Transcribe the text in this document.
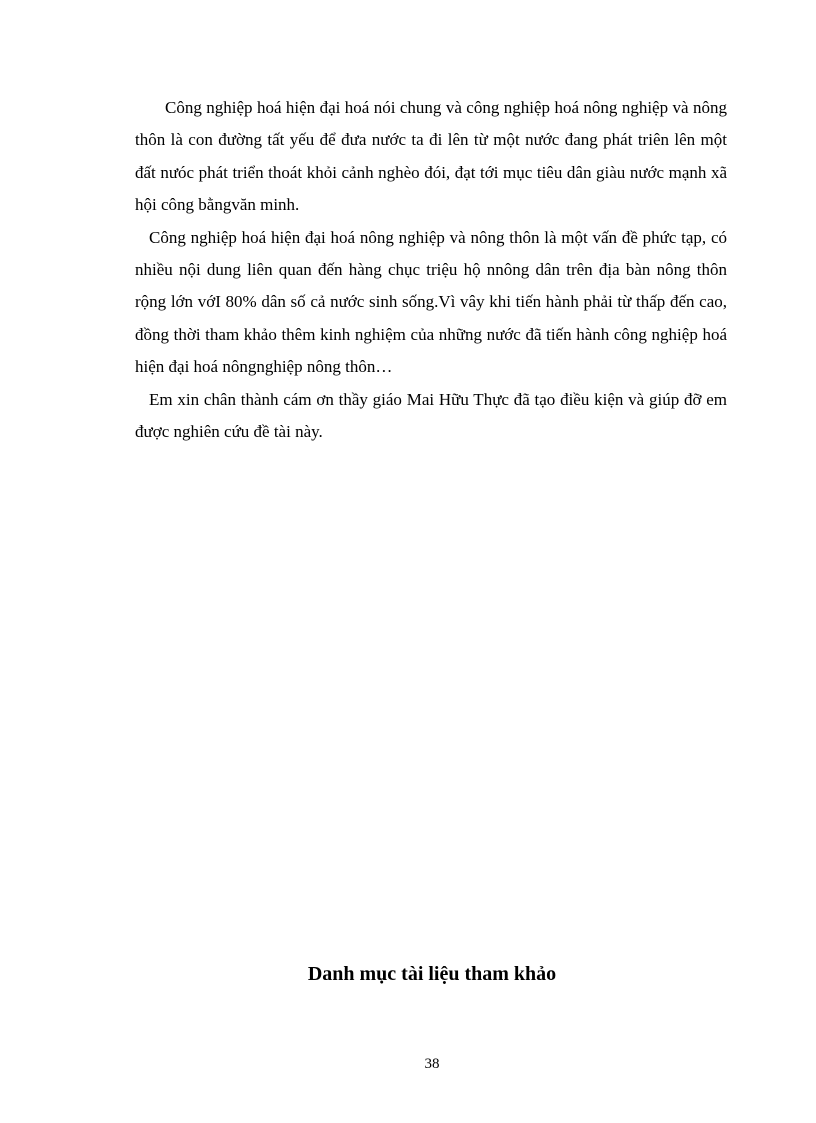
Công nghiệp hoá hiện đại hoá nói chung và công nghiệp hoá nông nghiệp và nông thôn là con đường tất yếu để đưa nước ta đi lên từ một nước đang phát triên lên một đất nưóc phát triển thoát khỏi cảnh nghèo đói, đạt tới mục tiêu dân giàu nước mạnh xã hội công bằngvăn minh.

Công nghiệp hoá hiện đại hoá nông nghiệp và nông thôn là một vấn đề phức tạp, có nhiều nội dung liên quan đến hàng chục triệu hộ nnông dân trên địa bàn nông thôn rộng lớn vớI 80% dân số cả nước sinh sống.Vì vây khi tiến hành phải từ thấp đến cao, đồng thời tham khảo thêm kinh nghiệm của những nước đã tiến hành công nghiệp hoá hiện đại hoá nôngnghiệp nông thôn…

Em xin chân thành cám ơn thầy giáo Mai Hữu Thực đã tạo điều kiện và giúp đỡ em được nghiên cứu đề tài này.

Danh mục tài liệu tham khảo
38
